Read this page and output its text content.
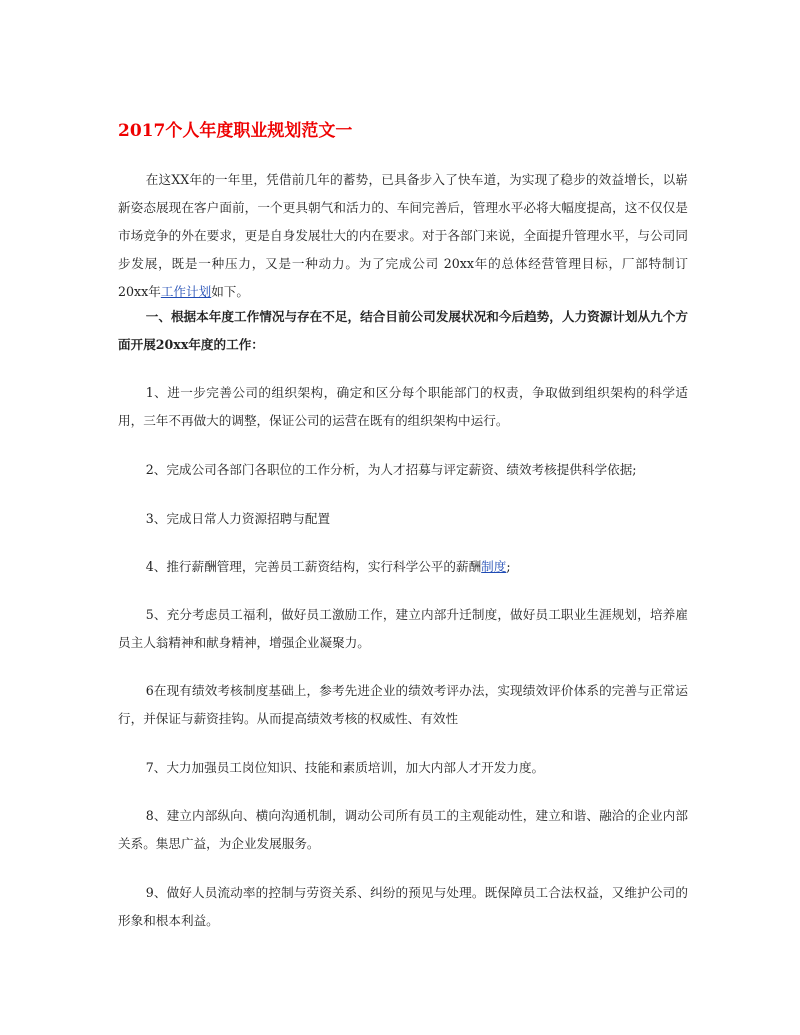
2017个人年度职业规划范文一

在这XX年的一年里，凭借前几年的蓄势，已具备步入了快车道，为实现了稳步的效益增长，以崭新姿态展现在客户面前，一个更具朝气和活力的、车间完善后，管理水平必将大幅度提高，这不仅仅是市场竞争的外在要求，更是自身发展壮大的内在要求。对于各部门来说，全面提升管理水平，与公司同步发展，既是一种压力，又是一种动力。为了完成公司 20xx年的总体经营管理目标，厂部特制订 20xx年工作计划如下。

一、根据本年度工作情况与存在不足，结合目前公司发展状况和今后趋势，人力资源计划从九个方面开展20xx年度的工作：

1、进一步完善公司的组织架构，确定和区分每个职能部门的权责，争取做到组织架构的科学适用，三年不再做大的调整，保证公司的运营在既有的组织架构中运行。

2、完成公司各部门各职位的工作分析，为人才招募与评定薪资、绩效考核提供科学依据;

3、完成日常人力资源招聘与配置

4、推行薪酬管理，完善员工薪资结构，实行科学公平的薪酬制度;

5、充分考虑员工福利，做好员工激励工作，建立内部升迁制度，做好员工职业生涯规划，培养雇员主人翁精神和献身精神，增强企业凝聚力。

6在现有绩效考核制度基础上，参考先进企业的绩效考评办法，实现绩效评价体系的完善与正常运行，并保证与薪资挂钩。从而提高绩效考核的权威性、有效性

7、大力加强员工岗位知识、技能和素质培训，加大内部人才开发力度。

8、建立内部纵向、横向沟通机制，调动公司所有员工的主观能动性，建立和谐、融洽的企业内部关系。集思广益，为企业发展服务。

9、做好人员流动率的控制与劳资关系、纠纷的预见与处理。既保障员工合法权益，又维护公司的形象和根本利益。
